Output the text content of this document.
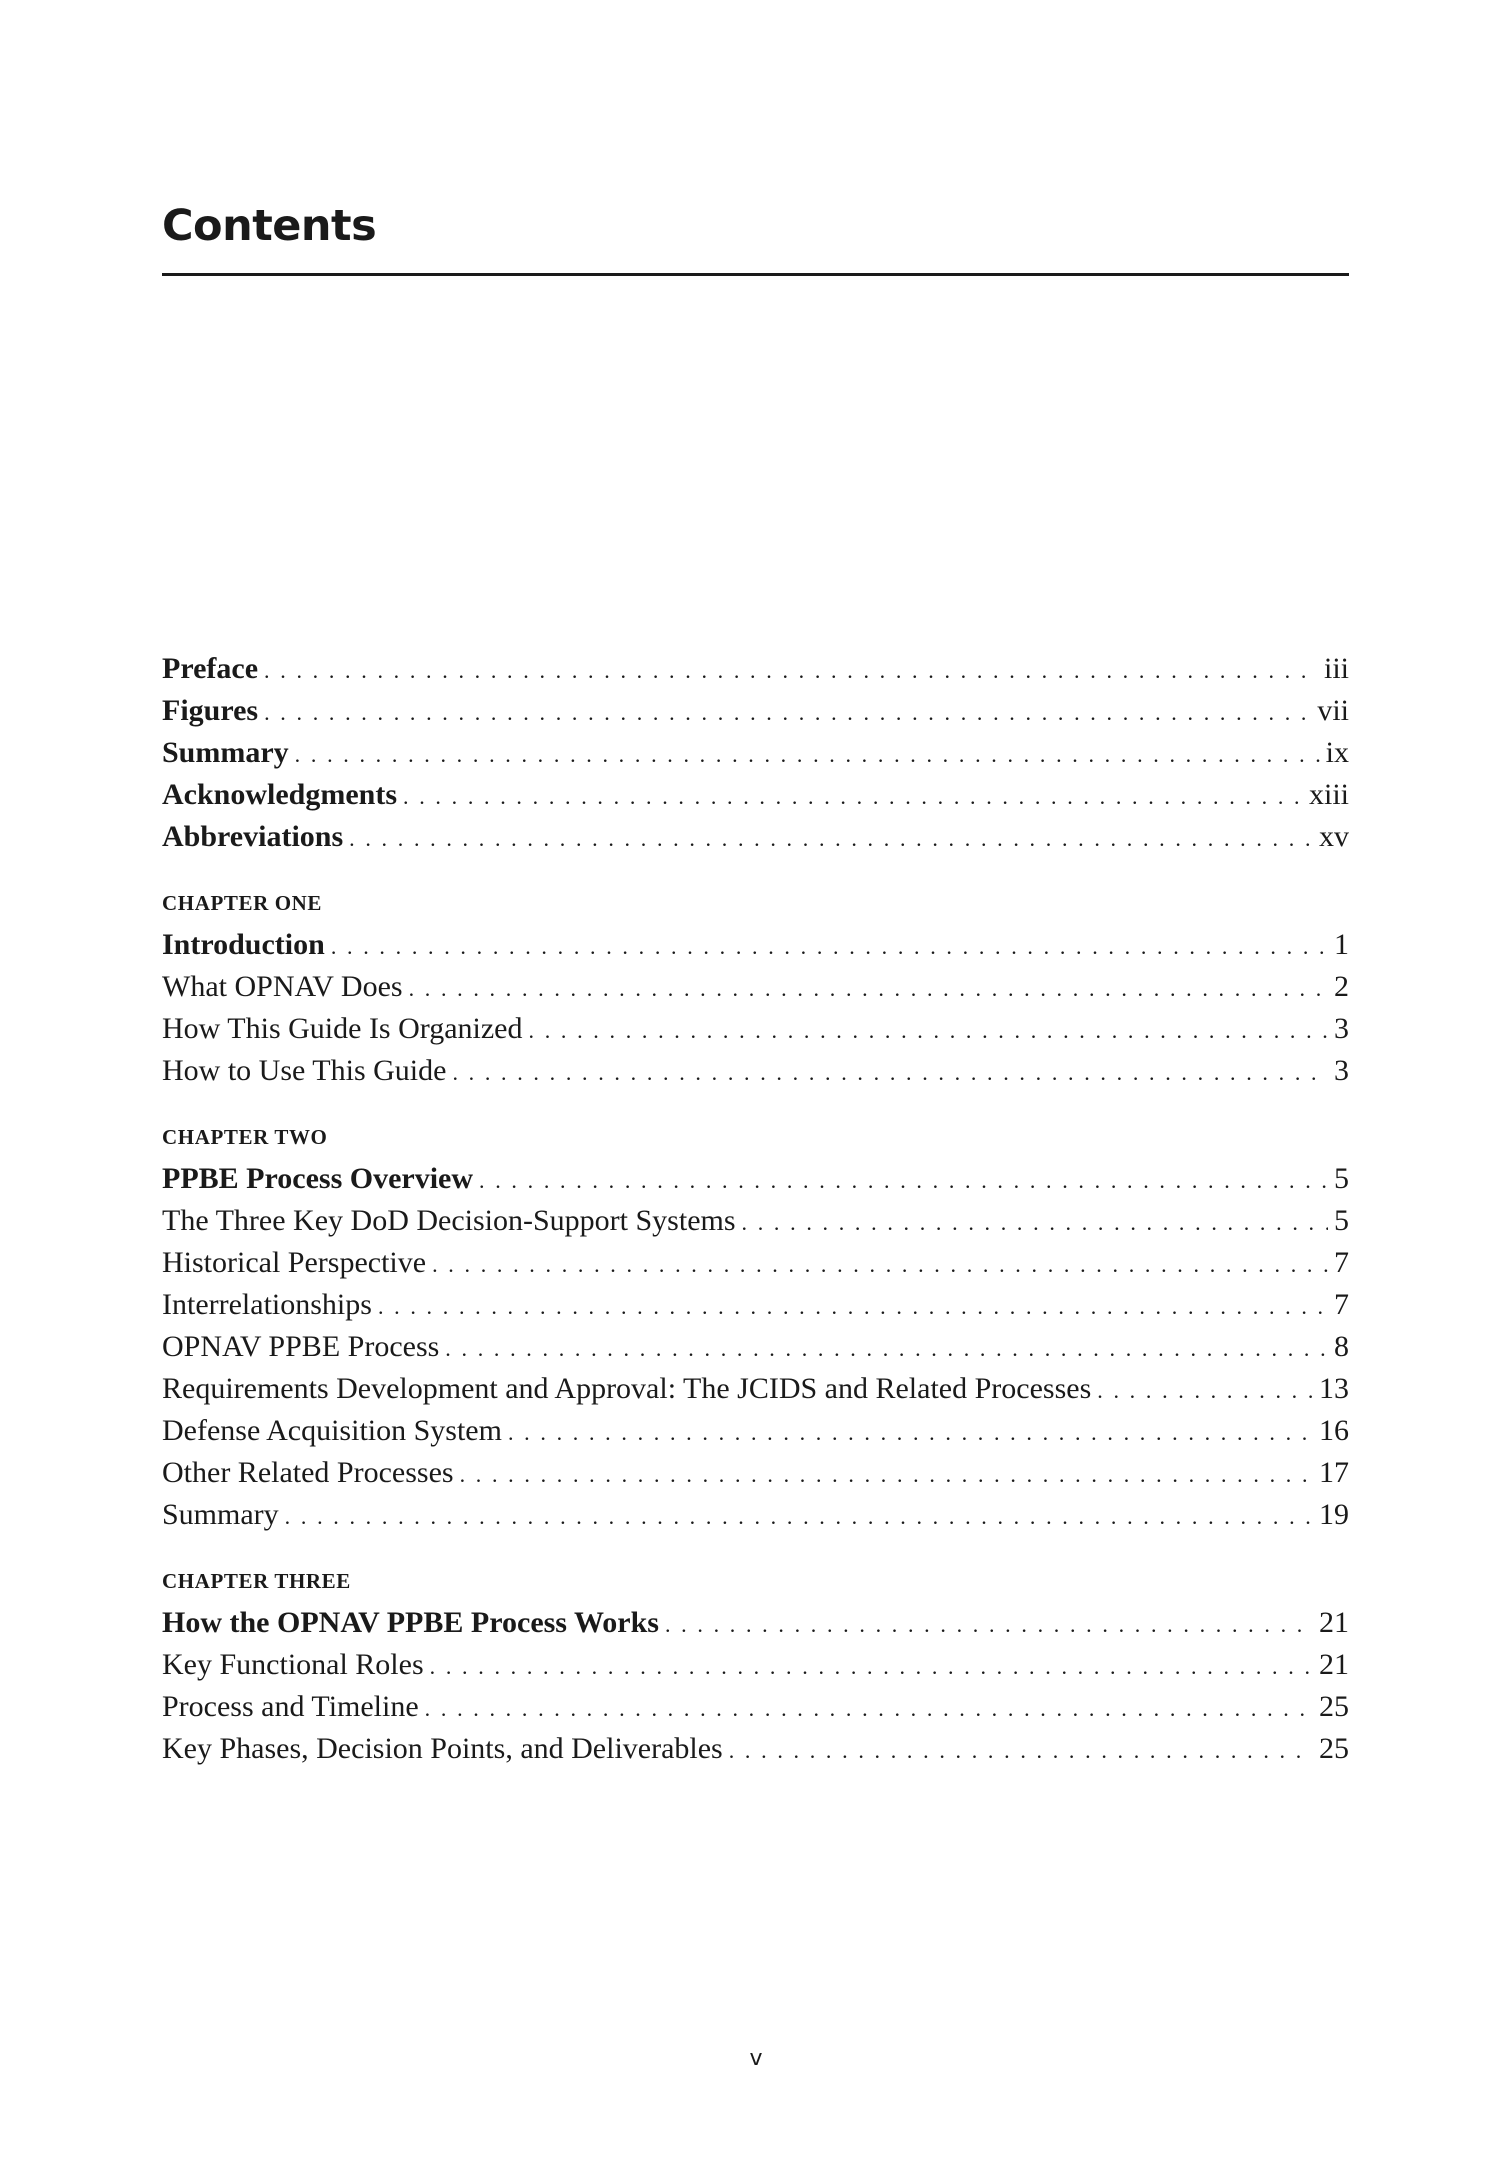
Contents
Preface . . .	iii
Figures . . .	vii
Summary . . .	ix
Acknowledgments . . .	xiii
Abbreviations . . .	xv
CHAPTER ONE
Introduction . . .	1
What OPNAV Does . . .	2
How This Guide Is Organized . . .	3
How to Use This Guide . . .	3
CHAPTER TWO
PPBE Process Overview . . .	5
The Three Key DoD Decision-Support Systems . . .	5
Historical Perspective . . .	7
Interrelationships . . .	7
OPNAV PPBE Process . . .	8
Requirements Development and Approval: The JCIDS and Related Processes . . .	13
Defense Acquisition System . . .	16
Other Related Processes . . .	17
Summary . . .	19
CHAPTER THREE
How the OPNAV PPBE Process Works . . .	21
Key Functional Roles . . .	21
Process and Timeline . . .	25
Key Phases, Decision Points, and Deliverables . . .	25
v
